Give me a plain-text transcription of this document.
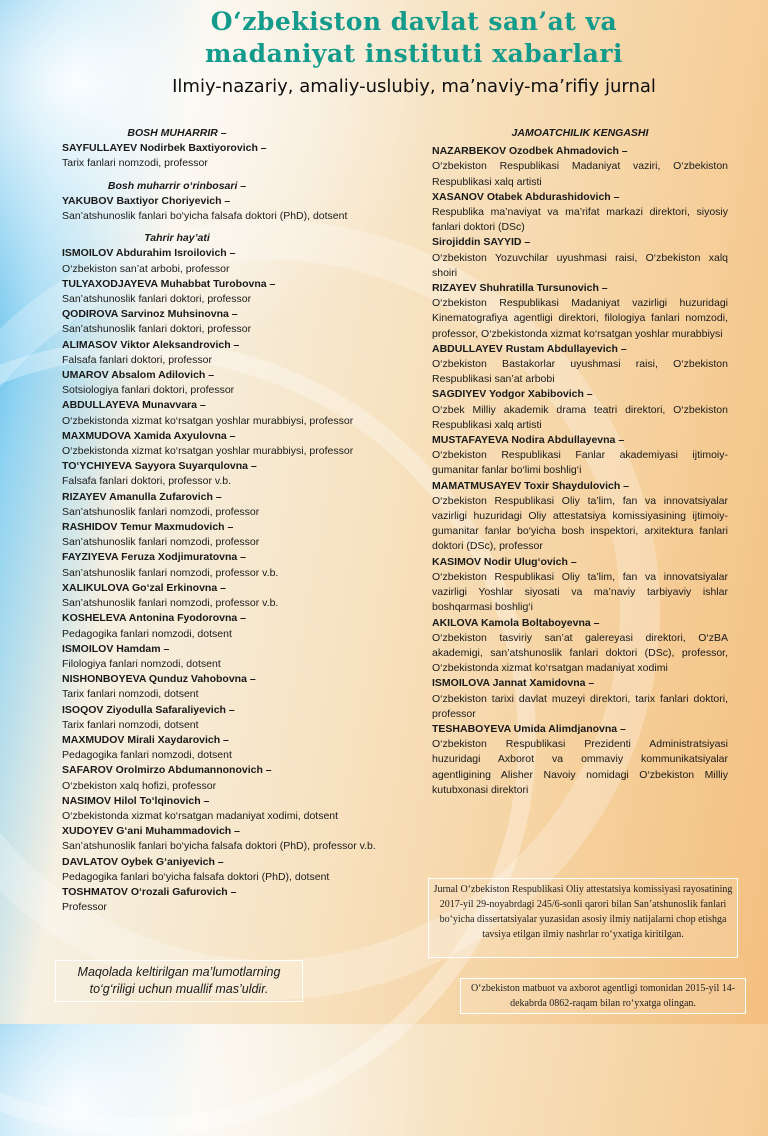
O‘zbekiston davlat san’at va
madaniyat instituti xabarlari
Ilmiy-nazariy, amaliy-uslubiy, ma’naviy-ma’rifiy jurnal
BOSH MUHARRIR –
SAYFULLAYEV Nodirbek Baxtiyorovich –
Tarix fanlari nomzodi, professor
Bosh muharrir o‘rinbosari –
YAKUBOV Baxtiyor Choriyevich –
San’atshunoslik fanlari bo‘yicha falsafa doktori (PhD), dotsent
Tahrir hay’ati
ISMOILOV Abdurahim Isroilovich –
O‘zbekiston san’at arbobi, professor
TULYAXODJAYEVA Muhabbat Turobovna –
San’atshunoslik fanlari doktori, professor
QODIROVA Sarvinoz Muhsinovna –
San’atshunoslik fanlari doktori, professor
ALIMASOV Viktor Aleksandrovich –
Falsafa fanlari doktori, professor
UMAROV Absalom Adilovich –
Sotsiologiya fanlari doktori, professor
ABDULLAYEVA Munavvara –
O‘zbekistonda xizmat ko‘rsatgan yoshlar murabbiysi, professor
MAXMUDOVA Xamida Axyulovna –
O‘zbekistonda xizmat ko‘rsatgan yoshlar murabbiysi, professor
TO‘YCHIYEVA Sayyora Suyarqulovna –
Falsafa fanlari doktori, professor v.b.
RIZAYEV Amanulla Zufarovich –
San’atshunoslik fanlari nomzodi, professor
RASHIDOV Temur Maxmudovich –
San’atshunoslik fanlari nomzodi, professor
FAYZIYEVA Feruza Xodjimuratovna –
San’atshunoslik fanlari nomzodi, professor v.b.
XALIKULOVA Go‘zal Erkinovna –
San’atshunoslik fanlari nomzodi, professor v.b.
KOSHELEVA Antonina Fyodorovna –
Pedagogika fanlari nomzodi, dotsent
ISMOILOV Hamdam –
Filologiya fanlari nomzodi, dotsent
NISHONBOYEVA Qunduz Vahobovna –
Tarix fanlari nomzodi, dotsent
ISOQOV Ziyodulla Safaraliyevich –
Tarix fanlari nomzodi, dotsent
MAXMUDOV Mirali Xaydarovich –
Pedagogika fanlari nomzodi, dotsent
SAFAROV Orolmirzo Abdumannonovich –
O‘zbekiston xalq hofizi, professor
NASIMOV Hilol To‘lqinovich –
O‘zbekistonda xizmat ko‘rsatgan madaniyat xodimi, dotsent
XUDOYEV G‘ani Muhammadovich –
San’atshunoslik fanlari bo‘yicha falsafa doktori (PhD), professor v.b.
DAVLATOV Oybek G‘aniyevich –
Pedagogika fanlari bo‘yicha falsafa doktori (PhD), dotsent
TOSHMATOV O‘rozali Gafurovich –
Professor
JAMOATCHILIK KENGASHI
NAZARBEKOV Ozodbek Ahmadovich –
O‘zbekiston Respublikasi Madaniyat vaziri, O‘zbekiston Respublikasi xalq artisti
XASANOV Otabek Abdurashidovich –
Respublika ma’naviyat va ma’rifat markazi direktori, siyosiy fanlari doktori (DSc)
Sirojiddin SAYYID –
O‘zbekiston Yozuvchilar uyushmasi raisi, O‘zbekiston xalq shoiri
RIZAYEV Shuhratilla Tursunovich –
O‘zbekiston Respublikasi Madaniyat vazirligi huzuridagi Kinematografiya agentligi direktori, filologiya fanlari nomzodi, professor, O‘zbekistonda xizmat ko‘rsatgan yoshlar murabbiysi
ABDULLAYEV Rustam Abdullayevich –
O‘zbekiston Bastakorlar uyushmasi raisi, O‘zbekiston Respublikasi san’at arbobi
SAGDIYEV Yodgor Xabibovich –
O‘zbek Milliy akademik drama teatri direktori, O‘zbekiston Respublikasi xalq artisti
MUSTAFAYEVA Nodira Abdullayevna –
O‘zbekiston Respublikasi Fanlar akademiyasi ijtimoiy-gumanitar fanlar bo‘limi boshlig‘i
MAMATMUSAYEV Toxir Shaydulovich –
O‘zbekiston Respublikasi Oliy ta’lim, fan va innovatsiyalar vazirligi huzuridagi Oliy attestatsiya komissiyasining ijtimoiy-gumanitar fanlar bo‘yicha bosh inspektori, arxitektura fanlari doktori (DSc), professor
KASIMOV Nodir Ulug‘ovich –
O‘zbekiston Respublikasi Oliy ta’lim, fan va innovatsiyalar vazirligi Yoshlar siyosati va ma’naviy tarbiyaviy ishlar boshqarmasi boshlig‘i
AKILOVA Kamola Boltaboyevna –
O‘zbekiston tasviriy san’at galereyasi direktori, O‘zBA akademigi, san’atshunoslik fanlari doktori (DSc), professor, O‘zbekistonda xizmat ko‘rsatgan madaniyat xodimi
ISMOILOVA Jannat Xamidovna –
O‘zbekiston tarixi davlat muzeyi direktori, tarix fanlari doktori, professor
TESHABOYEVA Umida Alimdjanovna –
O‘zbekiston Respublikasi Prezidenti Administratsiyasi huzuridagi Axborot va ommaviy kommunikatsiyalar agentligining Alisher Navoiy nomidagi O‘zbekiston Milliy kutubxonasi direktori
Jurnal O‘zbekiston Respublikasi Oliy attestatsiya komissiyasi rayosatining 2017-yil 29-noyabrdagi 245/6-sonli qarori bilan San’atshunoslik fanlari bo‘yicha dissertatsiyalar yuzasidan asosiy ilmiy natijalarni chop etishga tavsiya etilgan ilmiy nashrlar ro‘yxatiga kiritilgan.
O‘zbekiston matbuot va axborot agentligi tomonidan 2015-yil 14-dekabrda 0862-raqam bilan ro‘yxatga olingan.
Maqolada keltirilgan ma’lumotlarning to‘g‘riligi uchun muallif mas’uldir.
